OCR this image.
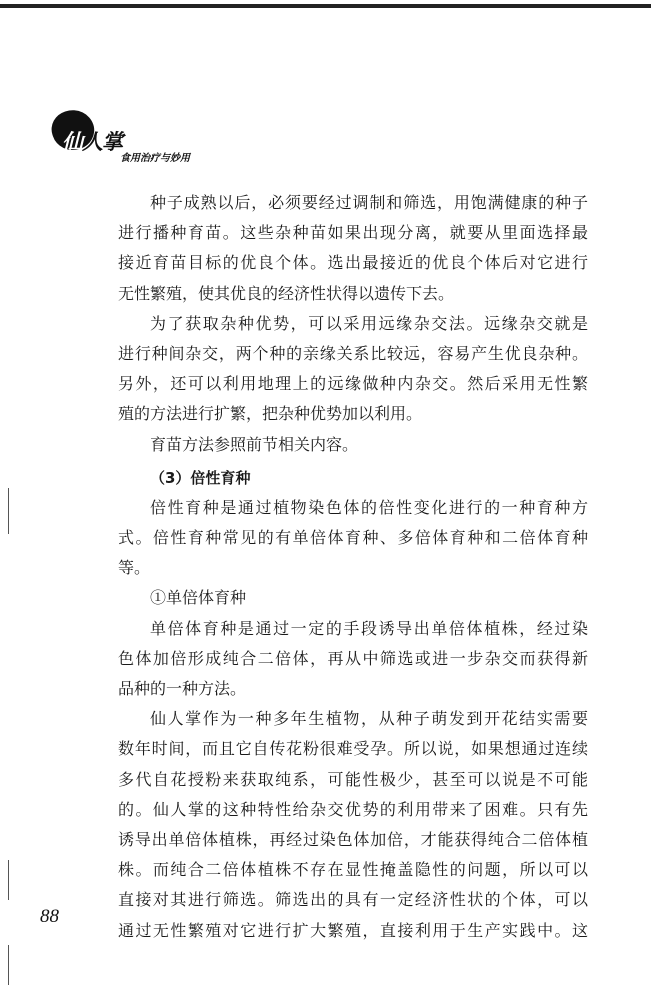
仙人掌
食用治疗与妙用
种子成熟以后，必须要经过调制和筛选，用饱满健康的种子
进行播种育苗。这些杂种苗如果出现分离，就要从里面选择最
接近育苗目标的优良个体。选出最接近的优良个体后对它进行
无性繁殖，使其优良的经济性状得以遗传下去。
为了获取杂种优势，可以采用远缘杂交法。远缘杂交就是
进行种间杂交，两个种的亲缘关系比较远，容易产生优良杂种。
另外，还可以利用地理上的远缘做种内杂交。然后采用无性繁
殖的方法进行扩繁，把杂种优势加以利用。
育苗方法参照前节相关内容。
（3）倍性育种
倍性育种是通过植物染色体的倍性变化进行的一种育种方
式。倍性育种常见的有单倍体育种、多倍体育种和二倍体育种
等。
①单倍体育种
单倍体育种是通过一定的手段诱导出单倍体植株，经过染
色体加倍形成纯合二倍体，再从中筛选或进一步杂交而获得新
品种的一种方法。
仙人掌作为一种多年生植物，从种子萌发到开花结实需要
数年时间，而且它自传花粉很难受孕。所以说，如果想通过连续
多代自花授粉来获取纯系，可能性极少，甚至可以说是不可能
的。仙人掌的这种特性给杂交优势的利用带来了困难。只有先
诱导出单倍体植株，再经过染色体加倍，才能获得纯合二倍体植
株。而纯合二倍体植株不存在显性掩盖隐性的问题，所以可以
直接对其进行筛选。筛选出的具有一定经济性状的个体，可以
通过无性繁殖对它进行扩大繁殖，直接利用于生产实践中。这
88
